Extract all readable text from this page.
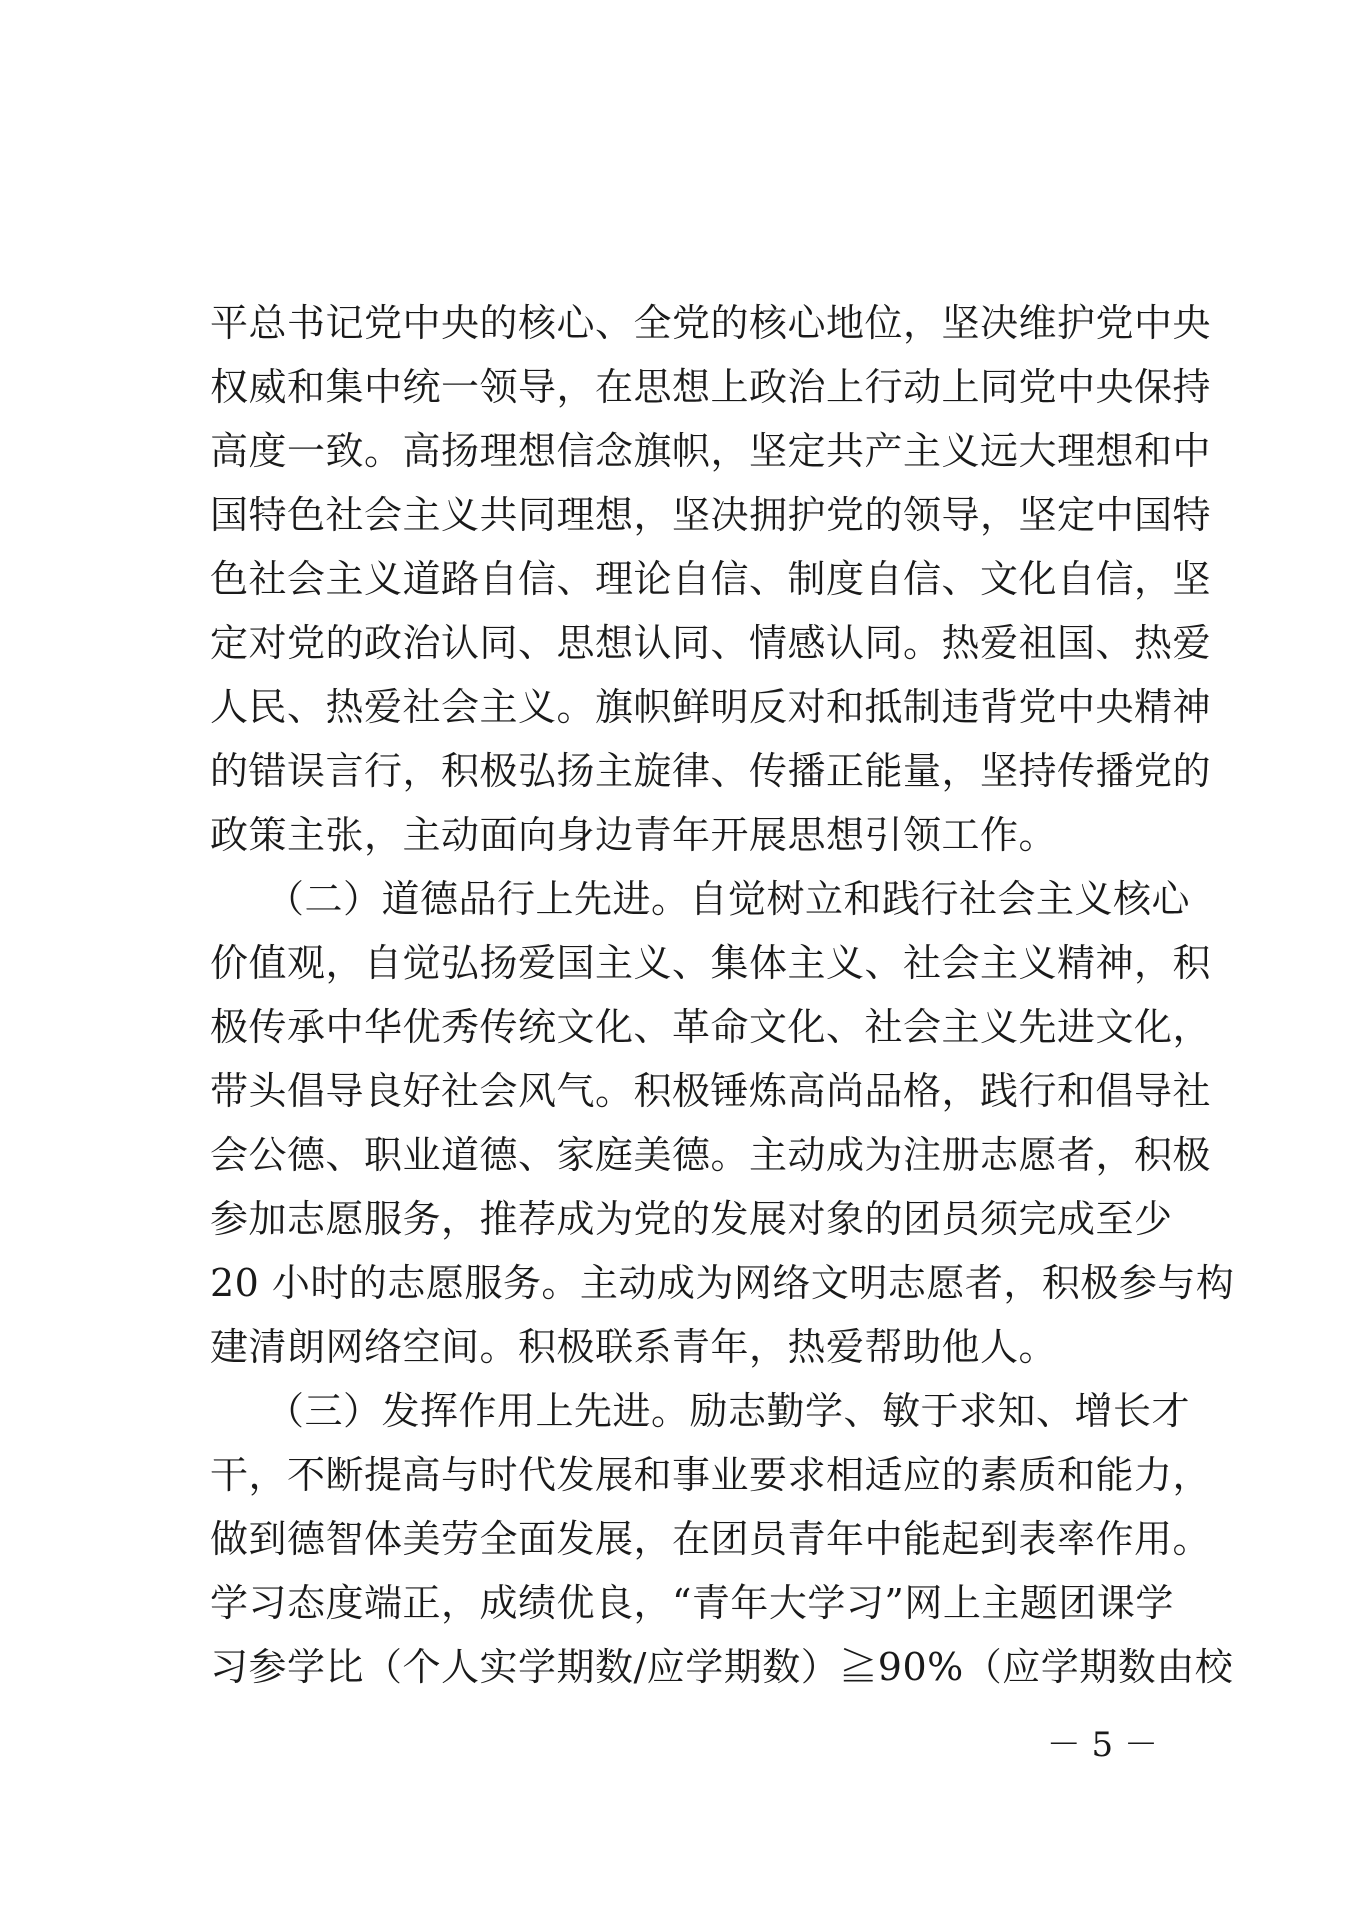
平总书记党中央的核心、全党的核心地位，坚决维护党中央
权威和集中统一领导，在思想上政治上行动上同党中央保持
高度一致。高扬理想信念旗帜，坚定共产主义远大理想和中
国特色社会主义共同理想，坚决拥护党的领导，坚定中国特
色社会主义道路自信、理论自信、制度自信、文化自信，坚
定对党的政治认同、思想认同、情感认同。热爱祖国、热爱
人民、热爱社会主义。旗帜鲜明反对和抵制违背党中央精神
的错误言行，积极弘扬主旋律、传播正能量，坚持传播党的
政策主张，主动面向身边青年开展思想引领工作。
（二）道德品行上先进。自觉树立和践行社会主义核心
价值观，自觉弘扬爱国主义、集体主义、社会主义精神，积
极传承中华优秀传统文化、革命文化、社会主义先进文化，
带头倡导良好社会风气。积极锤炼高尚品格，践行和倡导社
会公德、职业道德、家庭美德。主动成为注册志愿者，积极
参加志愿服务，推荐成为党的发展对象的团员须完成至少
20 小时的志愿服务。主动成为网络文明志愿者，积极参与构
建清朗网络空间。积极联系青年，热爱帮助他人。
（三）发挥作用上先进。励志勤学、敏于求知、增长才
干，不断提高与时代发展和事业要求相适应的素质和能力，
做到德智体美劳全面发展，在团员青年中能起到表率作用。
学习态度端正，成绩优良，“青年大学习”网上主题团课学
习参学比（个人实学期数/应学期数）≧90%（应学期数由校
－ 5 －
